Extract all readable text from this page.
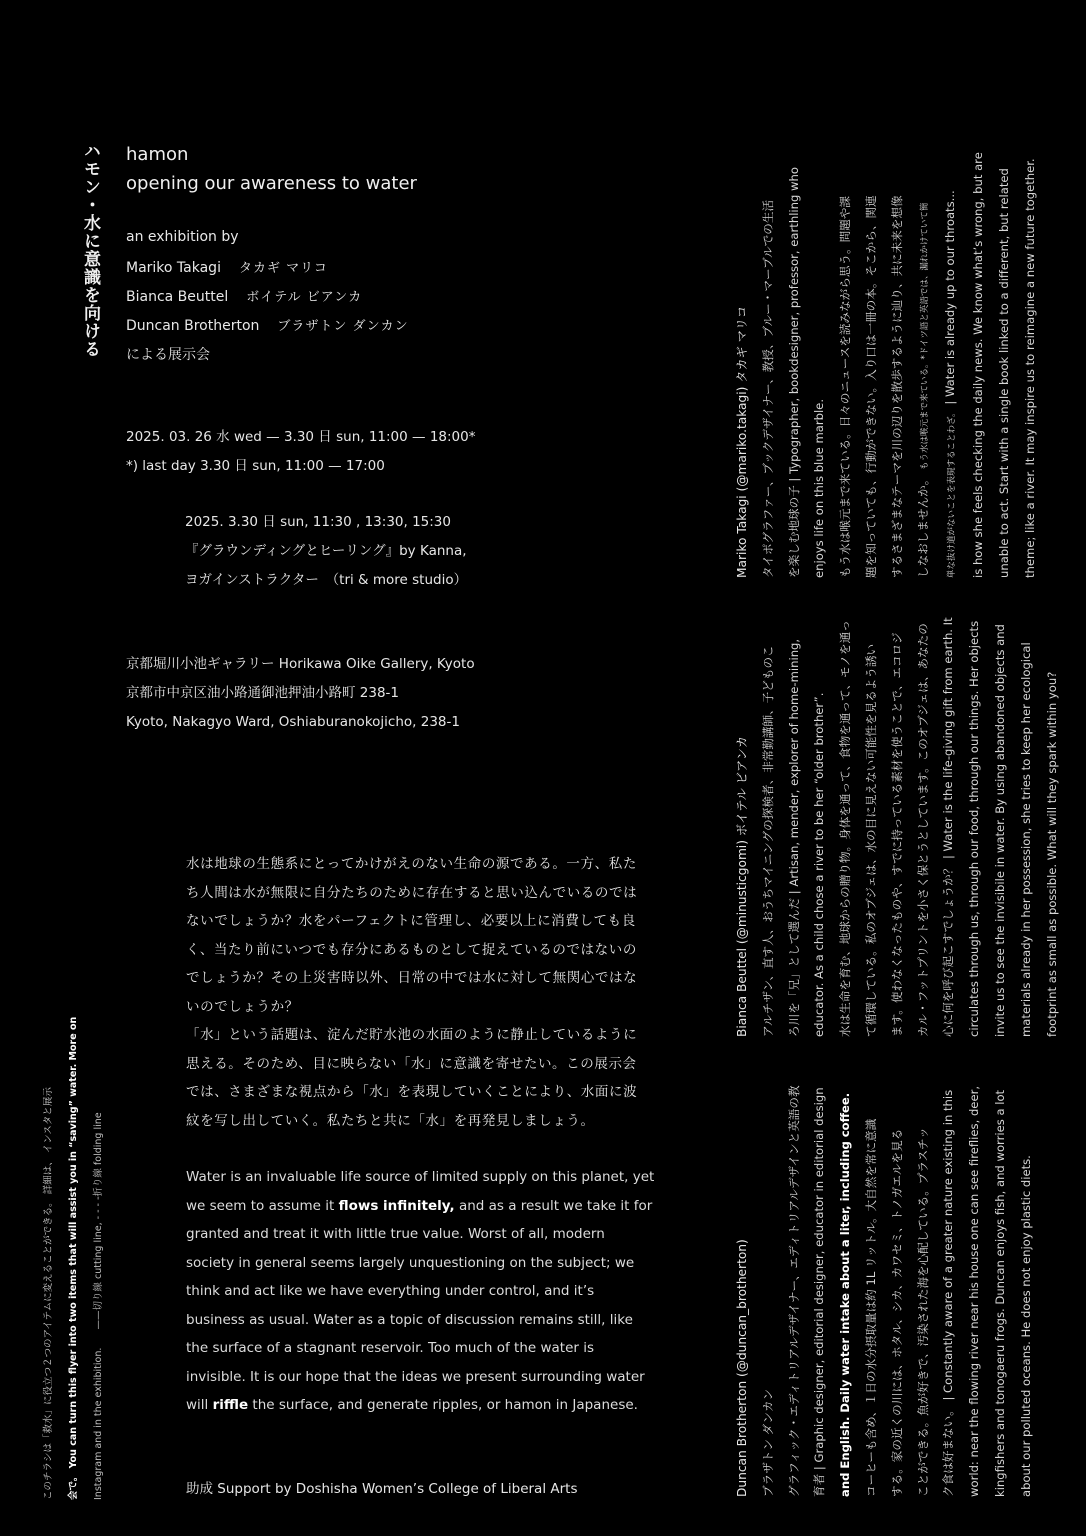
ハモン・水に意識を向ける hamon
opening our awareness to water
an exhibition by
Mariko Takagi タカギ マリコ
Bianca Beuttel ボイテル ビアンカ
Duncan Brotherton ブラザトン ダンカン
による展示会
2025. 03. 26 水 wed — 3.30 日 sun, 11:00 — 18:00*
*) last day 3.30 日 sun, 11:00 — 17:00
2025. 3.30 日 sun, 11:30 , 13:30, 15:30
『グラウンディングとヒーリング』by Kanna,
ヨガインストラクター　（tri & more studio）
京都堀川小池ギャラリー Horikawa Oike Gallery, Kyoto
京都市中京区油小路通御池押油小路町 238-1
Kyoto, Nakagyo Ward, Oshiaburanokojicho, 238-1

水は地球の生態系にとってかけがえのない生命の源である。一方、私たち人間は水が無限に自分たちのために存在すると思い込んでいるのではないでしょうか？水をパーフェクトに管理し、必要以上に消費しても良く、当たり前にいつでも存分にあるものとして捉えているのではないのでしょうか？その上災害時以外、日常の中では水に対して無関心ではないのでしょうか？

「水」という話題は、淀んだ貯水池の水面のように静止しているように思える。そのため、目に映らない「水」に意識を寄せたい。この展示会では、さまざまな視点から「水」を表現していくことにより、水面に波紋を写し出していく。私たちと共に「水」を再発見しましょう。

Water is an invaluable life source of limited supply on this planet, yet we seem to assume it flows infinitely, and as a result we take it for granted and treat it with little true value. Worst of all, modern society in general seems largely unquestioning on the subject; we think and act like we have everything under control, and it’s business as usual. Water as a topic of discussion remains still, like the surface of a stagnant reservoir. Too much of the water is invisible. It is our hope that the ideas we present surrounding water will riffle the surface, and generate ripples, or hamon in Japanese.
助成 Support by Doshisha Women’s College of Liberal Arts
このチラシは「救水」に役立つ２つのアイテムに変えることができる。 詳細は、 インスタと展示	会で。 You can turn this flyer into two items that will assist you in “saving” water. More on	Instagram and in the exhibition.      ——切り線 cutting line, - - - -折り線 folding line
Mariko Takagi (@mariko.takagi) タカギ マリコ	タイポグラファー、ブックデザイナー、教授、ブルー・マーブルでの生活	を楽しむ地球の子 | Typographer, bookdesigner, professor, earthling who	enjoys life on this blue marble.	もう水は喉元まで来ている。日々のニュースを読みながら思う。問題や課	題を知っていても、行動ができない。入り口は一冊の本。そこから、関連	するさまざまなテーマを川の辺りを散歩するように辿り、共に未来を想像	しなおしませんか。 もう水は喉元まで来ている。*ドイツ語と英語では、漏れかけていて簡
単な抜け道がないことを表現することわざ。 | Water is already up to our throats...	is how she feels checking the daily news. We know what’s wrong, but are	unable to act. Start with a single book linked to a different, but related	theme; like a river. It may inspire us to reimagine a new future together.
Bianca Beuttel (@minusticgomi) ボイテル ビアンカ	アルチザン、直す人、おうちマイニングの探検者、非常勤講師、子どものこ	ろ川を「兄」として選んだ | Artisan, mender, explorer of home-mining,	educator. As a child chose a river to be her “older brother”.	水は生命を育む、地球からの贈り物。身体を通って、食物を通って、モノを通っ	て循環している。私のオブジェは、水の目に見えない可能性を見るよう誘い	ます。使わなくなったものや、すでに持っている素材を使うことで、エコロジ	カル・フットプリントを小さく保とうとしています。このオブジェは、あなたの	心に何を呼び起こすでしょうか？ | Water is the life-giving gift from earth. It	circulates through us, through our food, through our things. Her objects	invite us to see the invisibile in water. By using abandoned objects and	materials already in her possession, she tries to keep her ecological	footprint as small as possible. What will they spark within you?
Duncan Brotherton (@duncan_brotherton)	ブラザトン ダンカン	グラフィック・エディトリアルデザイナー、エディトリアルデザインと英語の教	育者 | Graphic designer, editorial designer, educator in editorial design	and English. Daily water intake about a liter, including coffee.	コーヒーも含め、１日の水分摂取量は約 1L リットル。大自然を常に意識	する。家の近くの川には、ホタル、シカ、カワセミ、トノガエルを見る	ことができる。魚が好きで、汚染された海を心配している。プラスチッ	ク食は好まない。 | Constantly aware of a greater nature existing in this	world: near the flowing river near his house one can see fireflies, deer,	kingfishers and tonogaeru frogs. Duncan enjoys fish, and worries a lot	about our polluted oceans. He does not enjoy plastic diets.
